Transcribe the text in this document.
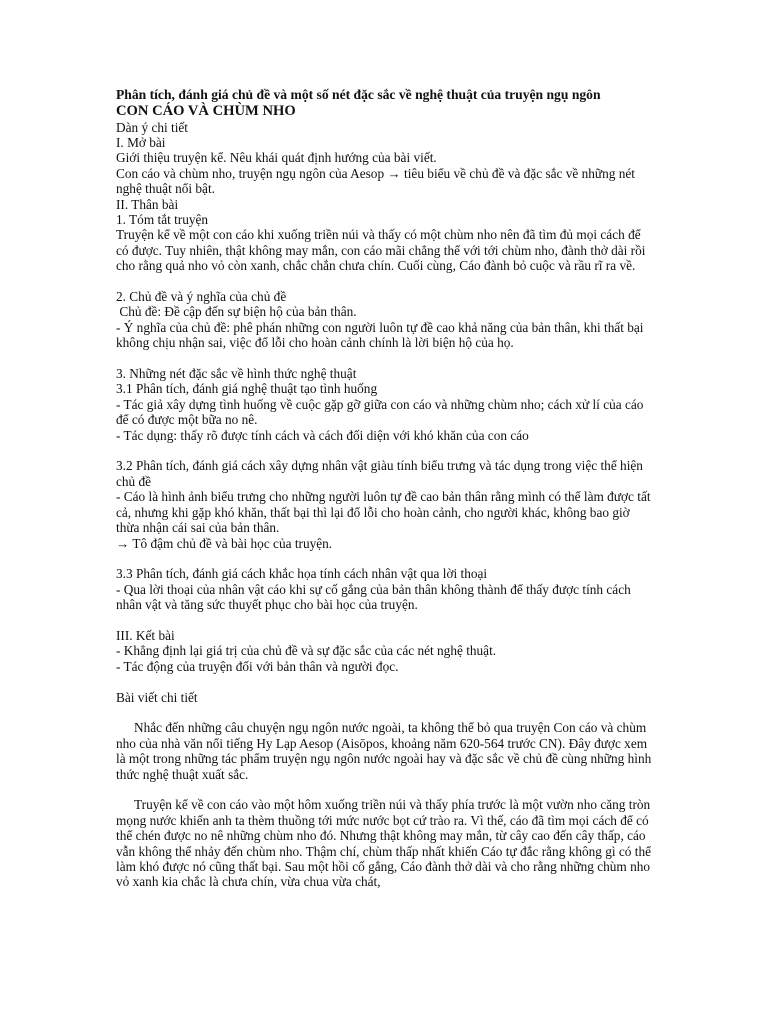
Phân tích, đánh giá chủ đề và một số nét đặc sắc về nghệ thuật của truyện ngụ ngôn

CON CÁO VÀ CHÙM NHO

Dàn ý chi tiết

I. Mở bài

Giới thiệu truyện kể. Nêu khái quát định hướng của bài viết.

Con cáo và chùm nho, truyện ngụ ngôn của Aesop → tiêu biểu về chủ đề và đặc sắc về những nét nghệ thuật nổi bật.

II. Thân bài

1. Tóm tắt truyện

Truyện kể về một con cáo khi xuống triền núi và thấy có một chùm nho nên đã tìm đủ mọi cách để có được. Tuy nhiên, thật không may mắn, con cáo mãi chẳng thể với tới chùm nho, đành thở dài rồi cho rằng quả nho vỏ còn xanh, chắc chắn chưa chín. Cuối cùng, Cáo đành bỏ cuộc và rầu rĩ ra về.

2. Chủ đề và ý nghĩa của chủ đề

Chủ đề: Đề cập đến sự biện hộ của bản thân.

- Ý nghĩa của chủ đề: phê phán những con người luôn tự đề cao khả năng của bản thân, khi thất bại không chịu nhận sai, việc đổ lỗi cho hoàn cảnh chính là lời biện hộ của họ.

3. Những nét đặc sắc về hình thức nghệ thuật

3.1 Phân tích, đánh giá nghệ thuật tạo tình huống

- Tác giả xây dựng tình huống về cuộc gặp gỡ giữa con cáo và những chùm nho; cách xử lí của cáo để có được một bữa no nê.

- Tác dụng: thấy rõ được tính cách và cách đối diện với khó khăn của con cáo

3.2 Phân tích, đánh giá cách xây dựng nhân vật giàu tính biểu trưng và tác dụng trong việc thể hiện chủ đề

- Cáo là hình ảnh biểu trưng cho những người luôn tự đề cao bản thân rằng mình có thể làm được tất cả, nhưng khi gặp khó khăn, thất bại thì lại đổ lỗi cho hoàn cảnh, cho người khác, không bao giờ thừa nhận cái sai của bản thân.

→ Tô đậm chủ đề và bài học của truyện.

3.3 Phân tích, đánh giá cách khắc họa tính cách nhân vật qua lời thoại

- Qua lời thoại của nhân vật cáo khi sự cố gắng của bản thân không thành để thấy được tính cách nhân vật và tăng sức thuyết phục cho bài học của truyện.

III. Kết bài

- Khẳng định lại giá trị của chủ đề và sự đặc sắc của các nét nghệ thuật.

- Tác động của truyện đối với bản thân và người đọc.

Bài viết chi tiết

Nhắc đến những câu chuyện ngụ ngôn nước ngoài, ta không thể bỏ qua truyện Con cáo và chùm nho của nhà văn nổi tiếng Hy Lạp Aesop (Aisōpos, khoảng năm 620-564 trước CN). Đây được xem là một trong những tác phẩm truyện ngụ ngôn nước ngoài hay và đặc sắc về chủ đề cùng những hình thức nghệ thuật xuất sắc.

Truyện kể về con cáo vào một hôm xuống triền núi và thấy phía trước là một vườn nho căng tròn mọng nước khiến anh ta thèm thuồng tới mức nước bọt cứ trào ra. Vì thế, cáo đã tìm mọi cách để có thể chén được no nê những chùm nho đó. Nhưng thật không may mắn, từ cây cao đến cây thấp, cáo vẫn không thể nhảy đến chùm nho. Thậm chí, chùm thấp nhất khiến Cáo tự đắc rằng không gì có thể làm khó được nó cũng thất bại. Sau một hồi cố gắng, Cáo đành thở dài và cho rằng những chùm nho vỏ xanh kia chắc là chưa chín, vừa chua vừa chát,
